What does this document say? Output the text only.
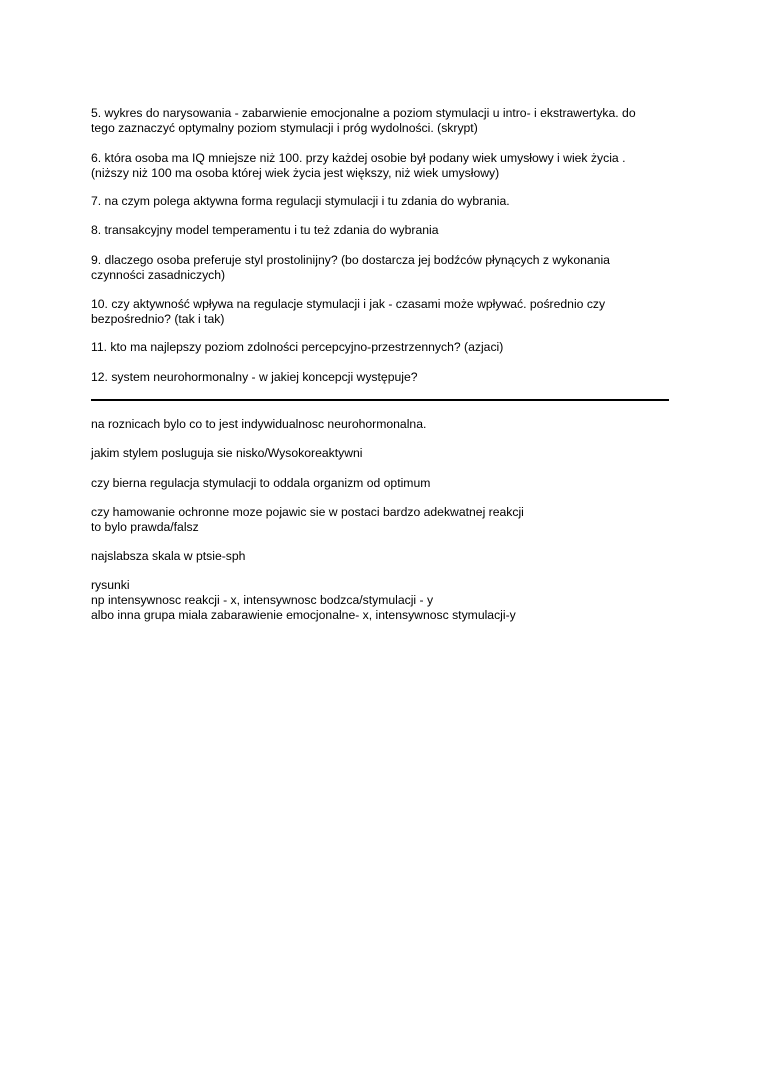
5. wykres do narysowania - zabarwienie emocjonalne a poziom stymulacji u intro- i ekstrawertyka. do
tego zaznaczyć optymalny poziom stymulacji i próg wydolności. (skrypt)

6. która osoba ma IQ mniejsze niż 100. przy każdej osobie był podany wiek umysłowy i wiek życia .
(niższy niż 100 ma osoba której wiek życia jest większy, niż wiek umysłowy)

7. na czym polega aktywna forma regulacji stymulacji i tu zdania do wybrania.

8. transakcyjny model temperamentu i tu też zdania do wybrania

9. dlaczego osoba preferuje styl prostolinijny? (bo dostarcza jej bodźców płynących z wykonania
czynności zasadniczych)

10. czy aktywność wpływa na regulacje stymulacji i jak - czasami może wpływać. pośrednio czy
bezpośrednio? (tak i tak)

11. kto ma najlepszy poziom zdolności percepcyjno-przestrzennych? (azjaci)

12. system neurohormonalny - w jakiej koncepcji występuje?

na roznicach bylo co to jest indywidualnosc neurohormonalna.

jakim stylem posluguja sie nisko/Wysokoreaktywni

czy bierna regulacja stymulacji to oddala organizm od optimum

czy hamowanie ochronne moze pojawic sie w postaci bardzo adekwatnej reakcji
to bylo prawda/falsz

najslabsza skala w ptsie-sph

rysunki
np intensywnosc reakcji - x, intensywnosc bodzca/stymulacji - y
albo inna grupa miala zabarawienie emocjonalne- x, intensywnosc stymulacji-y
